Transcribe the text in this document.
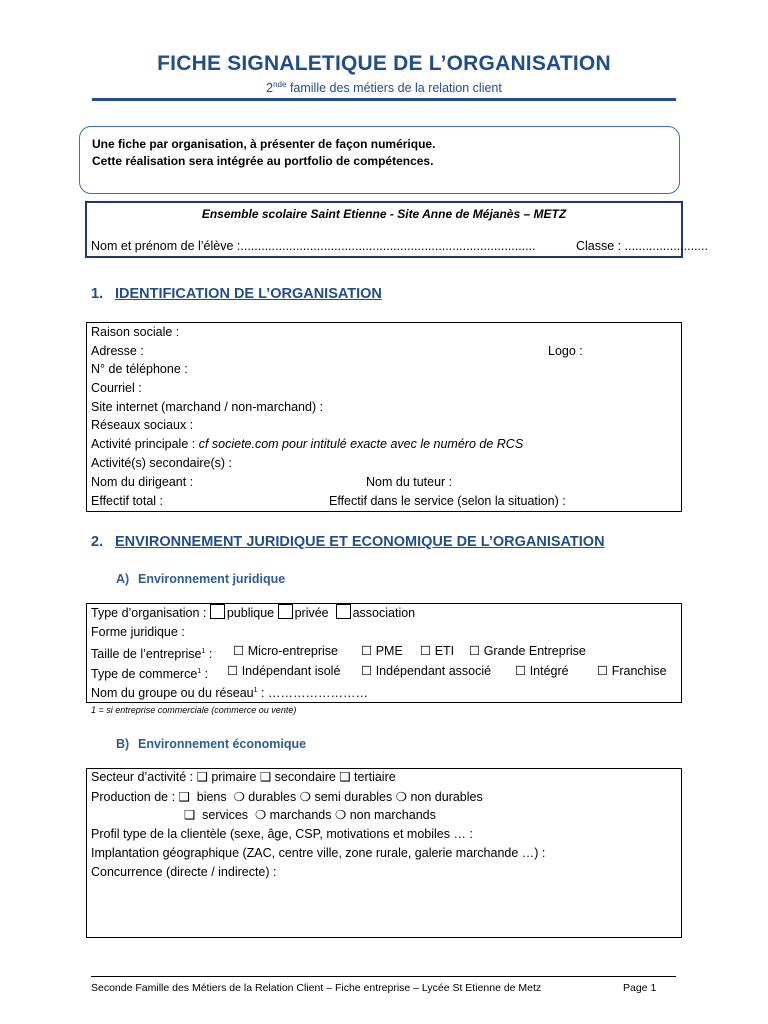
FICHE SIGNALETIQUE DE L’ORGANISATION
2nde famille des métiers de la relation client
Une fiche par organisation, à présenter de façon numérique.
Cette réalisation sera intégrée au portfolio de compétences.
Ensemble scolaire Saint Etienne - Site Anne de Méjanès – METZ
Nom et prénom de l’élève :.....................................................................................	Classe : ........................
1. IDENTIFICATION DE L’ORGANISATION
Raison sociale :
Adresse :	Logo :
N° de téléphone :
Courriel :
Site internet (marchand / non-marchand) :
Réseaux sociaux :
Activité principale : cf societe.com pour intitulé exacte avec le numéro de RCS
Activité(s) secondaire(s) :
Nom du dirigeant :	Nom du tuteur :
Effectif total :	Effectif dans le service (selon la situation) :
2. ENVIRONNEMENT JURIDIQUE ET ECONOMIQUE DE L’ORGANISATION
A) Environnement juridique
Type d’organisation : publique privée association
Forme juridique :
Taille de l’entreprise$^1$ : ☐ Micro-entreprise ☐ PME ☐ ETI ☐ Grande Entreprise
Type de commerce$^1$ : ☐ Indépendant isolé ☐ Indépendant associé ☐ Intégré ☐ Franchise
Nom du groupe ou du réseau$^1$ : ……………………
1 = si entreprise commerciale (commerce ou vente)
B) Environnement économique
Secteur d’activité : ❑ primaire ❑ secondaire ❑ tertiaire
Production de : ❑ biens ❍ durables ❍ semi durables ❍ non durables
❑ services ❍ marchands ❍ non marchands
Profil type de la clientèle (sexe, âge, CSP, motivations et mobiles … :
Implantation géographique (ZAC, centre ville, zone rurale, galerie marchande …) :
Concurrence (directe / indirecte) :
Seconde Famille des Métiers de la Relation Client – Fiche entreprise – Lycée St Etienne de Metz	Page 1
